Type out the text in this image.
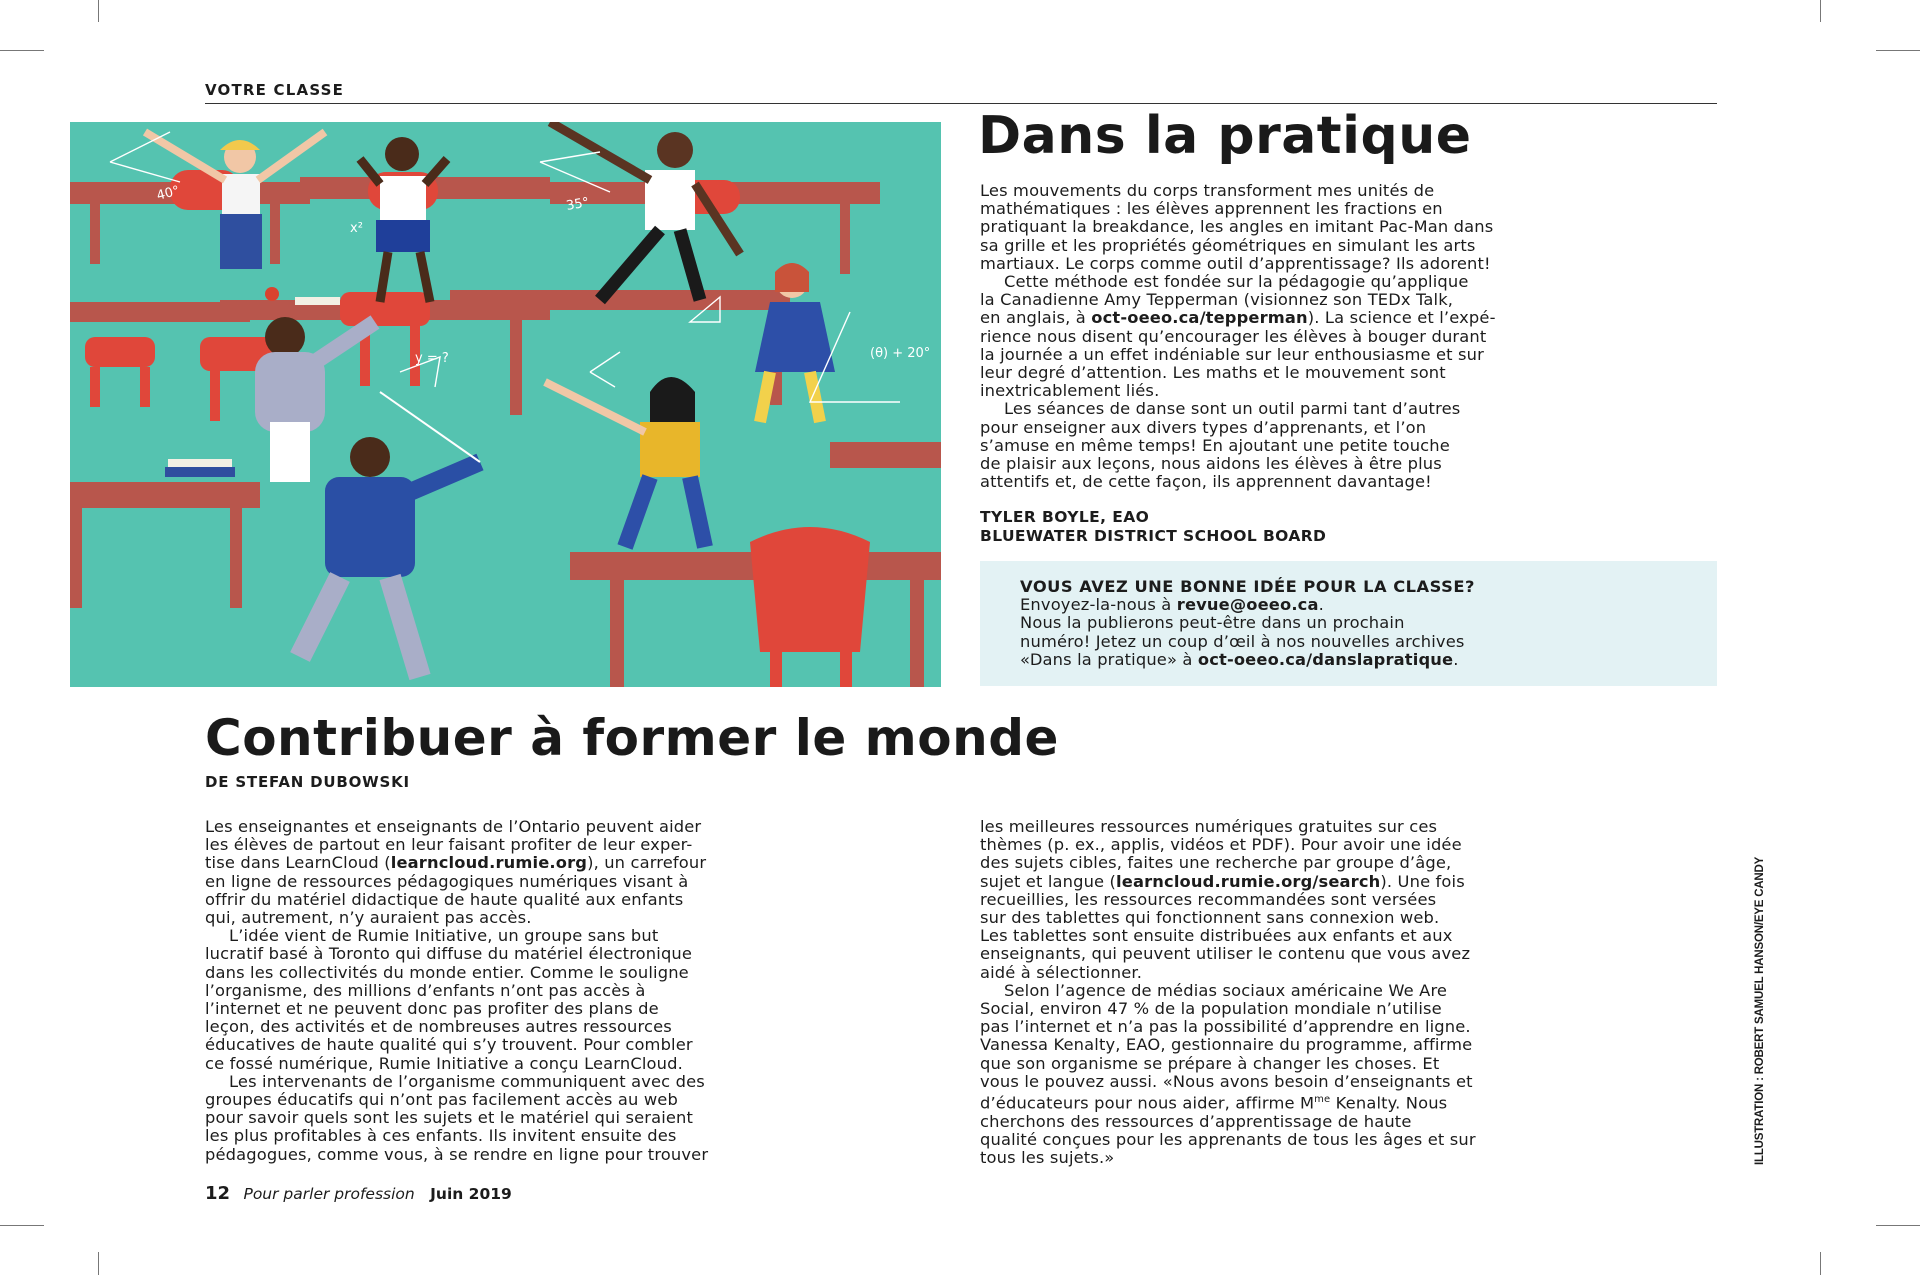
VOTRE CLASSE
40°
35°
x²
y = ?	(θ) + 20°
Dans la pratique

Les mouvements du corps transforment mes unités de
mathématiques : les élèves apprennent les fractions en
pratiquant la breakdance, les angles en imitant Pac-Man dans
sa grille et les propriétés géométriques en simulant les arts
martiaux. Le corps comme outil d’apprentissage? Ils adorent!

Cette méthode est fondée sur la pédagogie qu’applique
la Canadienne Amy Tepperman (visionnez son TEDx Talk,
en anglais, à oct-oeeo.ca/tepperman). La science et l’expé-
rience nous disent qu’encourager les élèves à bouger durant
la journée a un effet indéniable sur leur enthousiasme et sur
leur degré d’attention. Les maths et le mouvement sont
inextricablement liés.

Les séances de danse sont un outil parmi tant d’autres
pour enseigner aux divers types d’apprenants, et l’on
s’amuse en même temps! En ajoutant une petite touche
de plaisir aux leçons, nous aidons les élèves à être plus
attentifs et, de cette façon, ils apprennent davantage!

TYLER BOYLE, EAO
BLUEWATER DISTRICT SCHOOL BOARD
VOUS AVEZ UNE BONNE IDÉE POUR LA CLASSE?
Envoyez-la-nous à revue@oeeo.ca.
Nous la publierons peut-être dans un prochain
numéro! Jetez un coup d’œil à nos nouvelles archives
«Dans la pratique» à oct-oeeo.ca/danslapratique.
Contribuer à former le monde
DE STEFAN DUBOWSKI

Les enseignantes et enseignants de l’Ontario peuvent aider
les élèves de partout en leur faisant profiter de leur exper-
tise dans LearnCloud (learncloud.rumie.org), un carrefour
en ligne de ressources pédagogiques numériques visant à
offrir du matériel didactique de haute qualité aux enfants
qui, autrement, n’y auraient pas accès.

L’idée vient de Rumie Initiative, un groupe sans but
lucratif basé à Toronto qui diffuse du matériel électronique
dans les collectivités du monde entier. Comme le souligne
l’organisme, des millions d’enfants n’ont pas accès à
l’internet et ne peuvent donc pas profiter des plans de
leçon, des activités et de nombreuses autres ressources
éducatives de haute qualité qui s’y trouvent. Pour combler
ce fossé numérique, Rumie Initiative a conçu LearnCloud.

Les intervenants de l’organisme communiquent avec des
groupes éducatifs qui n’ont pas facilement accès au web
pour savoir quels sont les sujets et le matériel qui seraient
les plus profitables à ces enfants. Ils invitent ensuite des
pédagogues, comme vous, à se rendre en ligne pour trouver

les meilleures ressources numériques gratuites sur ces
thèmes (p. ex., applis, vidéos et PDF). Pour avoir une idée
des sujets cibles, faites une recherche par groupe d’âge,
sujet et langue (learncloud.rumie.org/search). Une fois
recueillies, les ressources recommandées sont versées
sur des tablettes qui fonctionnent sans connexion web.
Les tablettes sont ensuite distribuées aux enfants et aux
enseignants, qui peuvent utiliser le contenu que vous avez
aidé à sélectionner.

Selon l’agence de médias sociaux américaine We Are
Social, environ 47 % de la population mondiale n’utilise
pas l’internet et n’a pas la possibilité d’apprendre en ligne.
Vanessa Kenalty, EAO, gestionnaire du programme, affirme
que son organisme se prépare à changer les choses. Et
vous le pouvez aussi. «Nous avons besoin d’enseignants et
d’éducateurs pour nous aider, affirme $M^{me}$ Kenalty. Nous
cherchons des ressources d’apprentissage de haute
qualité conçues pour les apprenants de tous les âges et sur
tous les sujets.»

12 Pour parler profession Juin 2019
ILLUSTRATION : ROBERT SAMUEL HANSON/EYE CANDY
